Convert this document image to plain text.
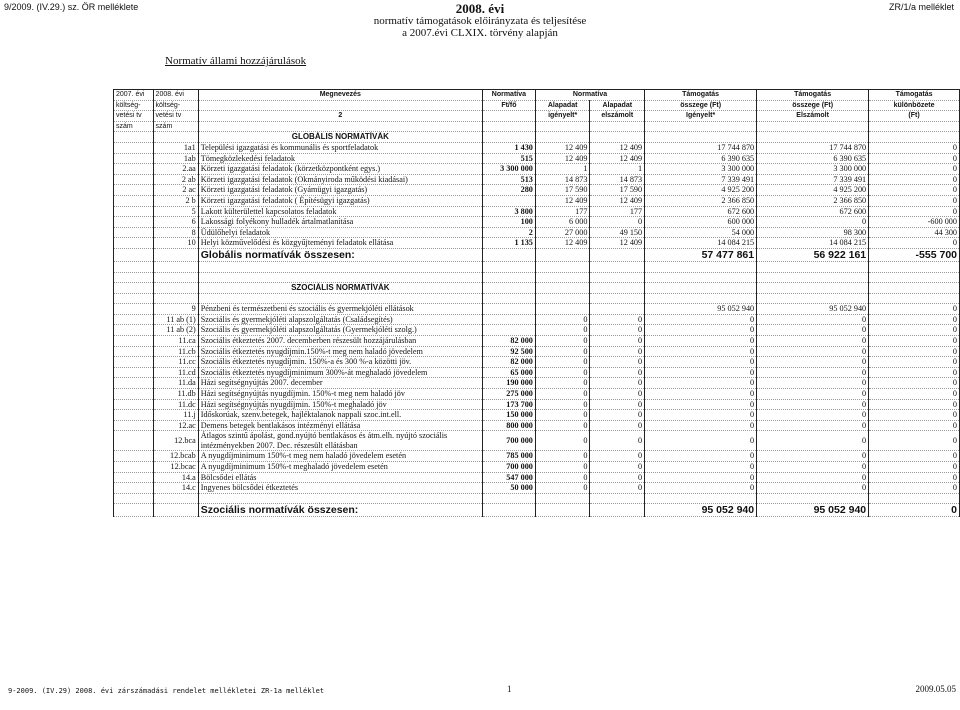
9/2009. (IV.29.) sz. ÖR melléklete	ZR/1/a melléklet
2008. évi
normatív támogatások előirányzata és teljesítése
a 2007.évi CLXIX. törvény alapján
Normatív állami hozzájárulások
2007. évi	2008. évi	Megnevezés	Normatíva	Normatíva		Támogatás	Támogatás	Támogatás
költség-	költség-		Ft/fő	Alapadat	Alapadat	összege (Ft)	összege (Ft)	különbözete
vetési tv	vetési tv	2		igényelt*	elszámolt	Igényelt*	Elszámolt	(Ft)
szám	szám							
		GLOBÁLIS NORMATÍVÁK						
	1a1	Települési igazgatási és kommunális és sportfeladatok	1 430	12 409	12 409	17 744 870	17 744 870	0
	1ab	Tömegközlekedési feladatok	515	12 409	12 409	6 390 635	6 390 635	0
	2.aa	Körzeti igazgatási feladatok (körzetközpontként egys.)	3 300 000	1	1	3 300 000	3 300 000	0
	2 ab	Körzeti igazgatási feladatok (Okmányiroda működési kiadásai)	513	14 873	14 873	7 339 491	7 339 491	0
	2 ac	Körzeti igazgatási feladatok (Gyámügyi igazgatás)	280	17 590	17 590	4 925 200	4 925 200	0
	2 b	Körzeti igazgatási feladatok ( Építésügyi igazgatás)		12 409	12 409	2 366 850	2 366 850	0
	5	Lakott külterülettel kapcsolatos feladatok	3 800	177	177	672 600	672 600	0
	6	Lakossági folyékony hulladék ártalmatlanítása	100	6 000	0	600 000	0	-600 000
	8	Üdülőhelyi feladatok	2	27 000	49 150	54 000	98 300	44 300
	10	Helyi közművelődési és közgyűjteményi feladatok ellátása	1 135	12 409	12 409	14 084 215	14 084 215	0
		Globális normatívák összesen:				57 477 861	56 922 161	-555 700

		SZOCIÁLIS NORMATÍVÁK						

	9	Pénzbeni és természetbeni és szociális és gyermekjóléti ellátások				95 052 940	95 052 940	0
	11 ab (1)	Szociális és gyermekjóléti alapszolgáltatás (Családsegítés)		0	0	0	0	0
	11 ab (2)	Szociális és gyermekjóléti alapszolgáltatás (Gyermekjóléti szolg.)		0	0	0	0	0
	11.ca	Szociális étkeztetés 2007. decemberben részesült hozzájárulásban	82 000	0	0	0	0	0
	11.cb	Szociális étkeztetés nyugdíjmin.150%-t meg nem haladó jövedelem	92 500	0	0	0	0	0
	11.cc	Szociális étkeztetés nyugdíjmin. 150%-a és 300 %-a közötti jöv.	82 000	0	0	0	0	0
	11.cd	Szociális étkeztetés nyugdíjminimum 300%-át meghaladó jövedelem	65 000	0	0	0	0	0
	11.da	Házi segítségnyújtás 2007. december	190 000	0	0	0	0	0
	11.db	Házi segítségnyújtás nyugdíjmin. 150%-t meg nem haladó jöv	275 000	0	0	0	0	0
	11.dc	Házi segítségnyújtás nyugdíjmin. 150%-t meghaladó jöv	173 700	0	0	0	0	0
	11.j	Időskorúak, szenv.betegek, hajléktalanok nappali szoc.int.ell.	150 000	0	0	0	0	0
	12.ac	Demens betegek bentlakásos intézményi ellátása	800 000	0	0	0	0	0
	12.bca	Átlagos szintű ápolást, gond.nyújtó bentlakásos és átm.elh. nyújtó szociális intézményekben 2007. Dec. részesült ellátásban	700 000	0	0	0	0	0
	12.bcab	A nyugdíjminimum 150%-t meg nem haladó jövedelem esetén	785 000	0	0	0	0	0
	12.bcac	A nyugdíjminimum 150%-t meghaladó jövedelem esetén	700 000	0	0	0	0	0
	14.a	Bölcsődei ellátás	547 000	0	0	0	0	0
	14.c	Ingyenes bölcsődei étkeztetés	50 000	0	0	0	0	0

		Szociális normatívák összesen:				95 052 940	95 052 940	0
9-2009. (IV.29) 2008. évi zárszámadási rendelet mellékletei ZR-1a melléklet	1	2009.05.05
